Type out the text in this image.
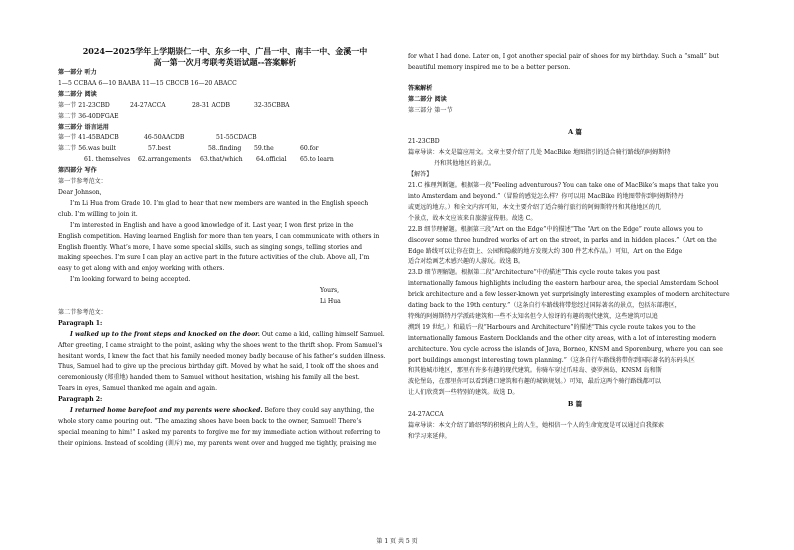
2024—2025学年上学期崇仁一中、东乡一中、广昌一中、南丰一中、金溪一中
高一第一次月考联考英语试题--答案解析
第一部分 听力
1—5 CCBAA 6—10 BAABA 11—15 CBCCB 16—20 ABACC
第二部分 阅读
第一节 21-23CBD	24-27ACCA	28-31 ACDB	32-35CBBA
第二节 36-40DFGAE
第三部分 语言运用
第一节 41-45BADCB	46-50AACDB	51-55CDACB
第二节 56.was built	57.best	58..finding 59.the	60.for
61. themselves 62.arrangements 63.that/which 64.official 65.to learn
第四部分 写作
第一节参考范文：
Dear Johnson,
I’m Li Hua from Grade 10. I’m glad to hear that new members are wanted in the English speech
club. I’m willing to join it.
I’m interested in English and have a good knowledge of it. Last year, I won first prize in the
English competition. Having learned English for more than ten years, I can communicate with others in
English fluently. What’s more, I have some special skills, such as singing songs, telling stories and
making speeches. I’m sure I can play an active part in the future activities of the club. Above all, I’m
easy to get along with and enjoy working with others.
I’m looking forward to being accepted.
Yours,
Li Hua
第二节参考范文：
Paragraph 1:
I walked up to the front steps and knocked on the door. Out came a kid, calling himself Samuel.
After greeting, I came straight to the point, asking why the shoes went to the thrift shop. From Samuel’s
hesitant words, I knew the fact that his family needed money badly because of his father’s sudden illness.
Thus, Samuel had to give up the precious birthday gift. Moved by what he said, I took off the shoes and
ceremoniously (郑重地) handed them to Samuel without hesitation, wishing his family all the best.
Tears in eyes, Samuel thanked me again and again.
Paragraph 2:
I returned home barefoot and my parents were shocked. Before they could say anything, the
whole story came pouring out. “The amazing shoes have been back to the owner, Samuel! There’s
special meaning to him!” I asked my parents to forgive me for my immediate action without referring to
their opinions. Instead of scolding (训斥) me, my parents went over and hugged me tightly, praising me
for what I had done. Later on, I got another special pair of shoes for my birthday. Such a “small” but
beautiful memory inspired me to be a better person.
答案解析
第二部分 阅读
第三部分 第一节
A 篇
21-23CBD
篇章导读：本文是篇应用文。文章主要介绍了几处 MacBike 地图指引的适合骑行路线的阿姆斯特
丹和其他地区的景点。
【解答】
21.C 推理判断题。根据第一段“Feeling adventurous? You can take one of MacBike’s maps that take you
into Amsterdam and beyond.”（冒险的感觉怎么样？你可以用 MacBike 的地图带你到阿姆斯特丹
或更远的地方。）和全文内容可知，本文主要介绍了适合骑行旅行的阿姆斯特丹和其他地区的几
个景点，故本文应该来自旅游宣传册。故选 C。
22.B 细节理解题。根据第三段“Art on the Edge”中的描述“The “Art on the Edge” route allows you to
discover some three hundred works of art on the street, in parks and in hidden places.”（Art on the
Edge 路线可以让你在街上、公园和隐蔽的地方发现大约 300 件艺术作品。）可知，Art on the Edge
适合对绘画艺术感兴趣的人游玩。故选 B。
23.D 细节理解题。根据第二段“Architecture”中的描述“This cycle route takes you past
internationally famous highlights including the eastern harbour area, the special Amsterdam School
brick architecture and a few lesser-known yet surprisingly interesting examples of modern architecture
dating back to the 19th century.”（这条自行车路线将带您经过国际著名的景点，包括东部港区，
特殊的阿姆斯特丹学派砖建筑和一些不太知名但令人惊讶的有趣的现代建筑，这些建筑可以追
溯到 19 世纪。）和最后一段“Harbours and Architecture”的描述“This cycle route takes you to the
internationally famous Eastern Docklands and the other city areas, with a lot of interesting modern
architecture. You cycle across the islands of Java, Borneo, KNSM and Sporenburg, where you can see
port buildings amongst interesting town planning.”（这条自行车路线将带你到国际著名的东码头区
和其他城市地区，那里有许多有趣的现代建筑。你骑车穿过爪哇岛、婆罗洲岛、KNSM 岛和斯
波伦堡岛，在那里你可以看到港口建筑和有趣的城镇规划。）可知，最后这两个骑行路线都可以
让人们欣赏到一些特别的建筑。故选 D。
B 篇
24-27ACCA
篇章导读：本文介绍了路绍琴的积极向上的人生，她相信一个人的生命宽度是可以通过自我探索
和学习来延伸。
第 1 页 共 5 页
